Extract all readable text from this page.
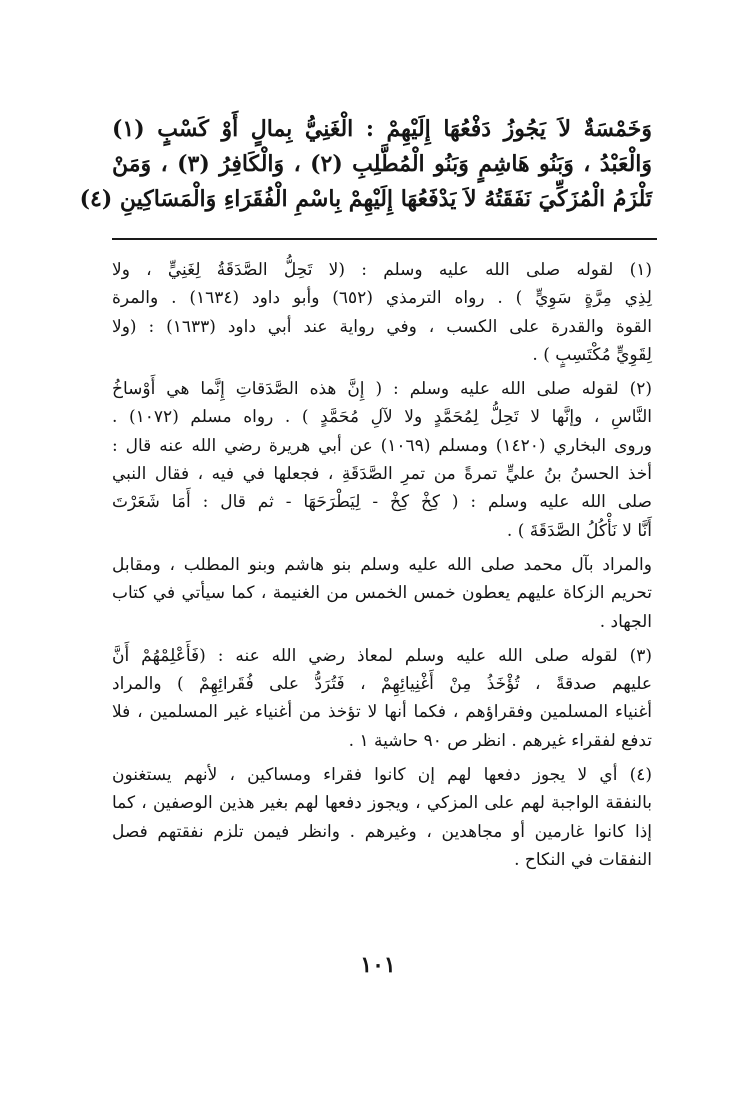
وَخَمْسَةٌ لاَ يَجُوزُ دَفْعُهَا إِلَيْهِمْ : الْغَنِيُّ بِمالٍ أَوْ كَسْبٍ (١)
وَالْعَبْدُ ، وَبَنُو هَاشِمٍ وَبَنُو الْمُطَّلِبِ (٢) ، وَالْكَافِرُ (٣) ، وَمَنْ
تَلْزَمُ الْمُزَكِّيَ نَفَقَتُهُ لاَ يَدْفَعُهَا إِلَيْهِمْ بِاسْمِ الْفُقَرَاءِ وَالْمَسَاكِينِ (٤)
(١) لقوله صلى الله عليه وسلم : (لا تَحِلُّ الصَّدَقَةُ لِغَنِيٍّ ، ولا
لِذِي مِرَّةٍ سَوِيٍّ ) . رواه الترمذي (٦٥٢) وأبو داود (١٦٣٤) . والمرة
القوة والقدرة على الكسب ، وفي رواية عند أبي داود (١٦٣٣) : (ولا
لِقَوِيٍّ مُكْتَسِبٍ ) .
(٢) لقوله صلى الله عليه وسلم : ( إِنَّ هذه الصَّدَقاتِ إِنَّما هي أَوْساخُ
النَّاسِ ، وإنَّها لا تَحِلُّ لِمُحَمَّدٍ ولا لآلِ مُحَمَّدٍ ) . رواه مسلم (١٠٧٢) .
وروى البخاري (١٤٢٠) ومسلم (١٠٦٩) عن أبي هريرة رضي الله عنه قال :
أخذ الحسنُ بنُ عليٍّ تمرةً من تمرِ الصَّدَقَةِ ، فجعلها في فيه ، فقال النبي
صلى الله عليه وسلم : ( كِخْ كِخْ - لِيَطْرَحَهَا - ثم قال : أَمَا شَعَرْتَ
أَنَّا لا نَأْكُلُ الصَّدَقَةَ ) .
والمراد بآل محمد صلى الله عليه وسلم بنو هاشم وبنو المطلب ، ومقابل
تحريم الزكاة عليهم يعطون خمس الخمس من الغنيمة ، كما سيأتي في كتاب
الجهاد .
(٣) لقوله صلى الله عليه وسلم لمعاذ رضي الله عنه : (فَأَعْلِمْهُمْ أَنَّ
عليهم صدقةً ، تُؤْخَذُ مِنْ أَغْنِيائِهِمْ ، فَتُرَدُّ على فُقَرائِهِمْ ) والمراد
أغنياء المسلمين وفقراؤهم ، فكما أنها لا تؤخذ من أغنياء غير المسلمين ، فلا
تدفع لفقراء غيرهم . انظر ص ٩٠ حاشية ١ .
(٤) أي لا يجوز دفعها لهم إن كانوا فقراء ومساكين ، لأنهم يستغنون
بالنفقة الواجبة لهم على المزكي ، ويجوز دفعها لهم بغير هذين الوصفين ، كما
إذا كانوا غارمين أو مجاهدين ، وغيرهم . وانظر فيمن تلزم نفقتهم فصل
النفقات في النكاح .
١٠١
